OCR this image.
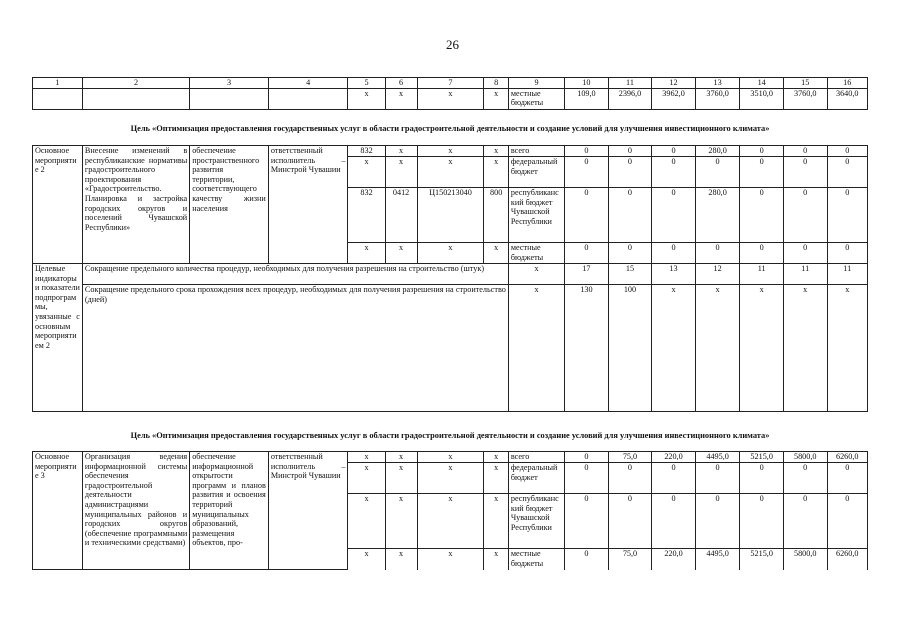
26
1	2	3	4	5	6	7	8	9	10	11	12	13	14	15	16
				x	x	x	x	местные бюджеты	109,0	2396,0	3962,0	3760,0	3510,0	3760,0	3640,0
Цель «Оптимизация предоставления государственных услуг в области градостроительной деятельности и создание условий для улучшения инвестиционного климата»
Основное мероприятие 2	Внесение изменений в республиканские нормативы градостроительного проектирования «Градостроительство. Планировка и застройка городских округов и поселений Чувашской Республики»	обеспечение пространственного развития территории, соответствующего качеству жизни населения	ответственный исполнитель – Минстрой Чувашии	832	x	x	x	всего	0	0	0	280,0	0	0	0
				x	x	x	x	федеральный бюджет	0	0	0	0	0	0	0
				832	0412	Ц150213040	800	республиканский бюджет Чувашской Республики	0	0	0	280,0	0	0	0
				x	x	x	x	местные бюджеты	0	0	0	0	0	0	0
Целевые индикаторы и показатели подпрограммы, увязанные с основным мероприятием 2	Сокращение предельного количества процедур, необходимых для получения разрешения на строительство (штук)							x	17	15	13	12	11	11	11
	Сокращение предельного срока прохождения всех процедур, необходимых для получения разрешения на строительство (дней)							x	130	100	x	x	x	x	x
Цель «Оптимизация предоставления государственных услуг в области градостроительной деятельности и создание условий для улучшения инвестиционного климата»
Основное мероприятие 3	Организация ведения информационной системы обеспечения градостроительной деятельности администрациями муниципальных районов и городских округов (обеспечение программными и техническими средствами)	обеспечение информационной открытости программ и планов развития и освоения территорий муниципальных образований, размещения объектов, про-	ответственный исполнитель – Минстрой Чувашии	x	x	x	x	всего	0	75,0	220,0	4495,0	5215,0	5800,0	6260,0
				x	x	x	x	федеральный бюджет	0	0	0	0	0	0	0
				x	x	x	x	республиканский бюджет Чувашской Республики	0	0	0	0	0	0	0
				x	x	x	x	местные бюджеты	0	75,0	220,0	4495,0	5215,0	5800,0	6260,0
